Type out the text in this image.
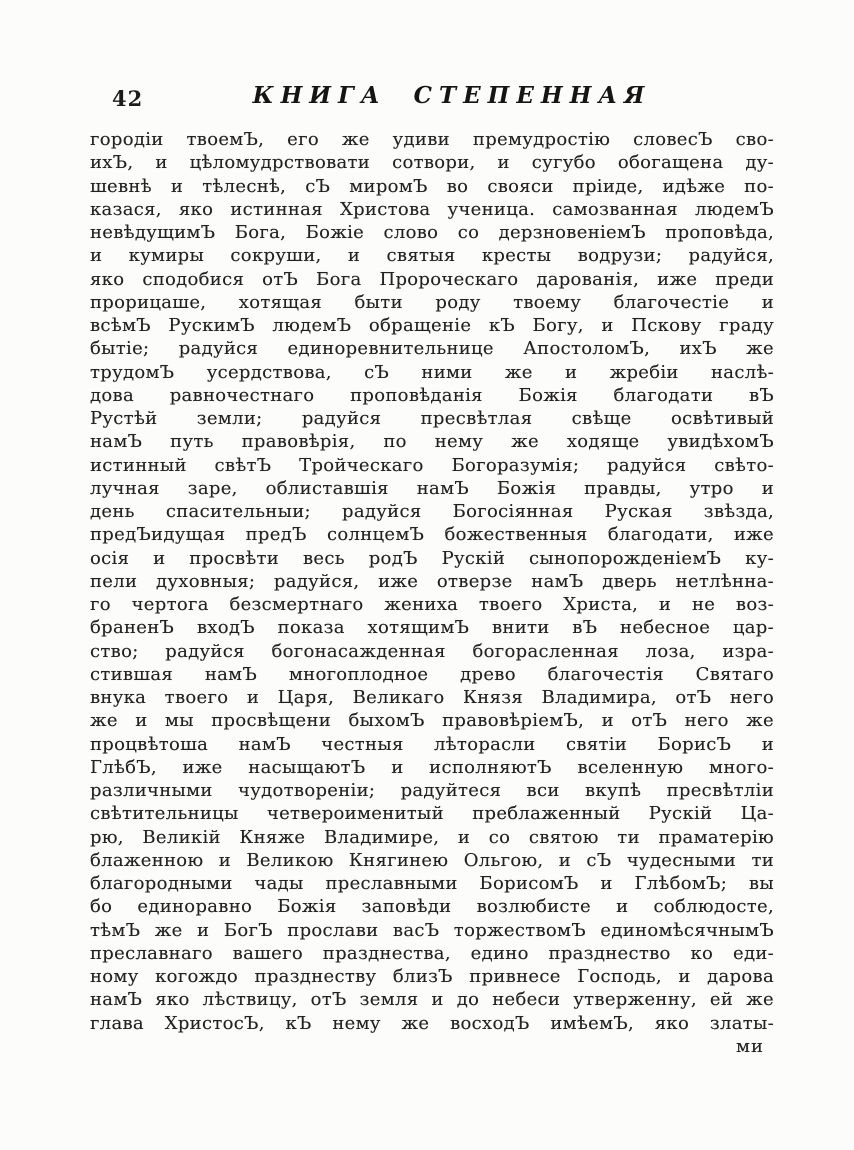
42	КНИГА СТЕПЕННАЯ
городіи твоемЪ, его же удиви премудростію словесЪ сво-
ихЪ, и цѣломудрствовати сотвори, и сугубо обогащена ду-
шевнѣ и тѣлеснѣ, сЪ миромЪ во свояси пріиде, идѣже по-
казася, яко истинная Христова ученица. самозванная людемЪ
невѣдущимЪ Бога, Божіе слово со дерзновеніемЪ проповѣда,
и кумиры сокруши, и святыя кресты водрузи; радуйся,
яко сподобися отЪ Бога Пророческаго дарованія, иже преди
прорицаше, хотящая быти роду твоему благочестіе и
всѣмЪ РускимЪ людемЪ обращеніе кЪ Богу, и Пскову граду
бытіе; радуйся единоревнительнице АпостоломЪ, ихЪ же
трудомЪ усердствова, сЪ ними же и жребіи наслѣ-
дова равночестнаго проповѣданія Божія благодати вЪ
Рустѣй земли; радуйся пресвѣтлая свѣще освѣтивый
намЪ путь правовѣрія, по нему же ходяще увидѣхомЪ
истинный свѣтЪ Тройческаго Богоразумія; радуйся свѣто-
лучная заре, облиставшія намЪ Божія правды, утро и
день спасительныи; радуйся Богосіянная Руская звѣзда,
предЪидущая предЪ солнцемЪ божественныя благодати, иже
осія и просвѣти весь родЪ Рускій сынопорожденіемЪ ку-
пели духовныя; радуйся, иже отверзе намЪ дверь нетлѣнна-
го чертога безсмертнаго жениха твоего Христа, и не воз-
браненЪ входЪ показа хотящимЪ внити вЪ небесное цар-
ство; радуйся богонасажденная богорасленная лоза, изра-
стившая намЪ многоплодное древо благочестія Святаго
внука твоего и Царя, Великаго Князя Владимира, отЪ него
же и мы просвѣщени быхомЪ правовѣріемЪ, и отЪ него же
процвѣтоша намЪ честныя лѣторасли святіи БорисЪ и
ГлѣбЪ, иже насыщаютЪ и исполняютЪ вселенную много-
различными чудотвореніи; радуйтеся вси вкупѣ пресвѣтліи
свѣтительницы четвероименитый преблаженный Рускій Ца-
рю, Великій Княже Владимире, и со святою ти праматерію
блаженною и Великою Княгинею Ольгою, и сЪ чудесными ти
благородными чады преславными БорисомЪ и ГлѣбомЪ; вы
бо единоравно Божія заповѣди возлюбисте и соблюдосте,
тѣмЪ же и БогЪ прослави васЪ торжествомЪ единомѣсячнымЪ
преславнаго вашего празднества, едино празднество ко еди-
ному когождо празднеству близЪ привнесе Господь, и дарова
намЪ яко лѣствицу, отЪ земля и до небеси утверженну, ей же
глава ХристосЪ, кЪ нему же восходЪ имѣемЪ, яко златы-
ми
